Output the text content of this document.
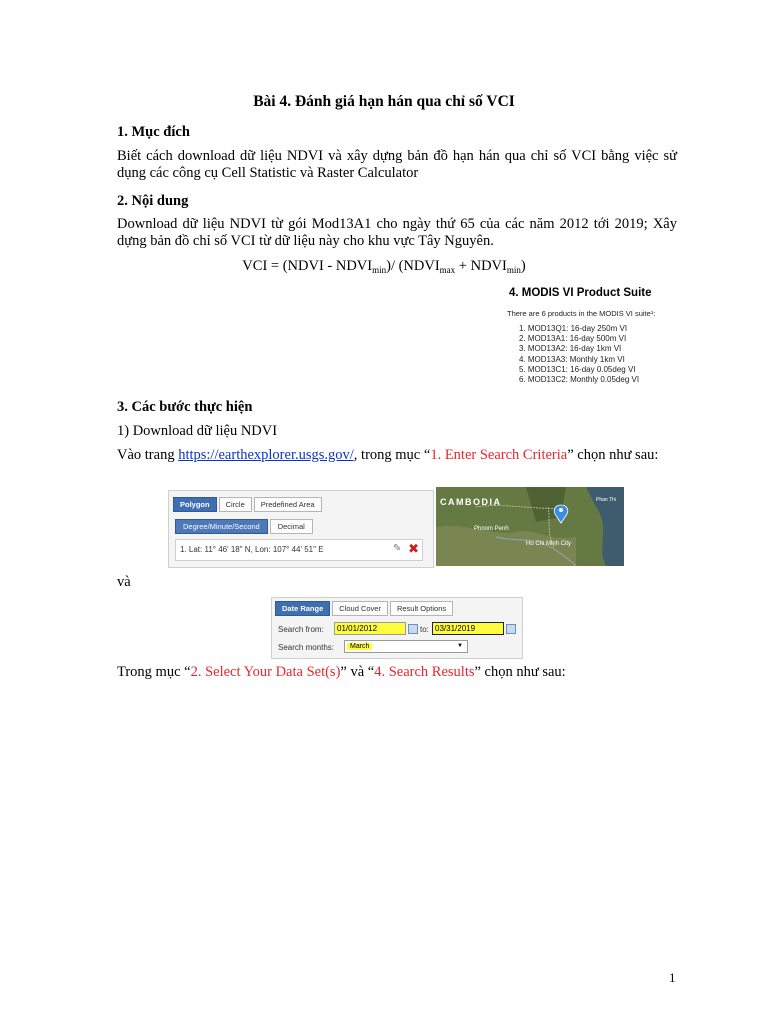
Bài 4. Đánh giá hạn hán qua chỉ số VCI
1. Mục đích
Biết cách download dữ liệu NDVI và xây dựng bản đồ hạn hán qua chỉ số VCI bằng việc sử dụng các công cụ Cell Statistic và Raster Calculator
2. Nội dung
Download dữ liệu NDVI từ gói Mod13A1 cho ngày thứ 65 của các năm 2012 tới 2019; Xây dựng bản đồ chỉ số VCI từ dữ liệu này cho khu vực Tây Nguyên.
VCI = (NDVI - $NDVI_{min})/$ ($NDVI_{max}$ + $NDVI_{min}$)
4. MODIS VI Product Suite
There are 6 products in the MODIS VI suite¹:
1. MOD13Q1: 16-day 250m VI
2. MOD13A1: 16-day 500m VI
3. MOD13A2: 16-day 1km VI
4. MOD13A3: Monthly 1km VI
5. MOD13C1: 16-day 0.05deg VI
6. MOD13C2: Monthly 0.05deg VI
3. Các bước thực hiện
1) Download dữ liệu NDVI
Vào trang https://earthexplorer.usgs.gov/, trong mục “1. Enter Search Criteria” chọn như sau:
Polygon	Circle	Predefined Area
Degree/Minute/Second	Decimal
1. Lat: 11° 46' 18" N, Lon: 107° 44' 51" E	✎ ✖
CAMBODIA
Phnom Penh
Ho Chi Minh City
Phan Thi
và
Date Range	Cloud Cover	Result Options
Search from:	01/01/2012	to: 03/31/2019
Search months:	March	▼
Trong mục “2. Select Your Data Set(s)” và “4. Search Results” chọn như sau:
1
